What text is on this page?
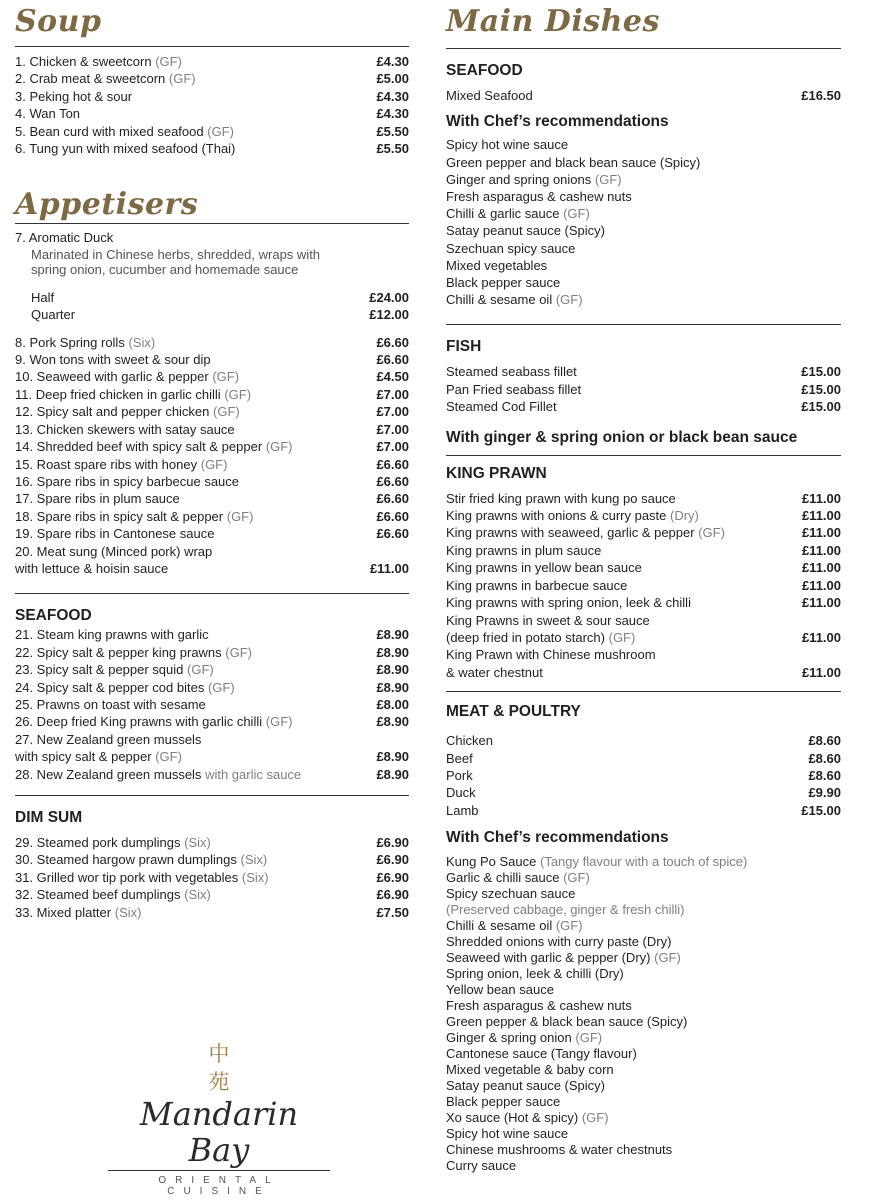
Soup
1. Chicken & sweetcorn (GF)	£4.30
2. Crab meat & sweetcorn (GF)	£5.00
3. Peking hot & sour	£4.30
4. Wan Ton	£4.30
5. Bean curd with mixed seafood (GF)	£5.50
6. Tung yun with mixed seafood (Thai)	£5.50
Appetisers
7. Aromatic Duck
Marinated in Chinese herbs, shredded, wraps with spring onion, cucumber and homemade sauce
Half	£24.00
Quarter	£12.00
8. Pork Spring rolls (Six)	£6.60
9. Won tons with sweet & sour dip	£6.60
10. Seaweed with garlic & pepper (GF)	£4.50
11. Deep fried chicken in garlic chilli (GF)	£7.00
12. Spicy salt and pepper chicken (GF)	£7.00
13. Chicken skewers with satay sauce	£7.00
14. Shredded beef with spicy salt & pepper (GF)	£7.00
15. Roast spare ribs with honey (GF)	£6.60
16. Spare ribs in spicy barbecue sauce	£6.60
17. Spare ribs in plum sauce	£6.60
18. Spare ribs in spicy salt & pepper (GF)	£6.60
19. Spare ribs in Cantonese sauce	£6.60
20. Meat sung (Minced pork) wrap
with lettuce & hoisin sauce	£11.00
SEAFOOD
21. Steam king prawns with garlic	£8.90
22. Spicy salt & pepper king prawns (GF)	£8.90
23. Spicy salt & pepper squid (GF)	£8.90
24. Spicy salt & pepper cod bites (GF)	£8.90
25. Prawns on toast with sesame	£8.00
26. Deep fried King prawns with garlic chilli (GF)	£8.90
27. New Zealand green mussels
with spicy salt & pepper (GF)	£8.90
28. New Zealand green mussels with garlic sauce	£8.90
DIM SUM
29. Steamed pork dumplings (Six)	£6.90
30. Steamed hargow prawn dumplings (Six)	£6.90
31. Grilled wor tip pork with vegetables (Six)	£6.90
32. Steamed beef dumplings (Six)	£6.90
33. Mixed platter (Six)	£7.50
中
苑
Mandarin Bay
ORIENTAL CUISINE
Main Dishes
SEAFOOD
Mixed Seafood	£16.50
With Chef’s recommendations
Spicy hot wine sauce
Green pepper and black bean sauce (Spicy)
Ginger and spring onions (GF)
Fresh asparagus & cashew nuts
Chilli & garlic sauce (GF)
Satay peanut sauce (Spicy)
Szechuan spicy sauce
Mixed vegetables
Black pepper sauce
Chilli & sesame oil (GF)
FISH
Steamed seabass fillet	£15.00
Pan Fried seabass fillet	£15.00
Steamed Cod Fillet	£15.00
With ginger & spring onion or black bean sauce
KING PRAWN
Stir fried king prawn with kung po sauce	£11.00
King prawns with onions & curry paste (Dry)	£11.00
King prawns with seaweed, garlic & pepper (GF)	£11.00
King prawns in plum sauce	£11.00
King prawns in yellow bean sauce	£11.00
King prawns in barbecue sauce	£11.00
King prawns with spring onion, leek & chilli	£11.00
King Prawns in sweet & sour sauce
(deep fried in potato starch) (GF)	£11.00
King Prawn with Chinese mushroom
& water chestnut	£11.00
MEAT & POULTRY
Chicken	£8.60
Beef	£8.60
Pork	£8.60
Duck	£9.90
Lamb	£15.00
With Chef’s recommendations
Kung Po Sauce (Tangy flavour with a touch of spice)
Garlic & chilli sauce (GF)
Spicy szechuan sauce
(Preserved cabbage, ginger & fresh chilli)
Chilli & sesame oil (GF)
Shredded onions with curry paste (Dry)
Seaweed with garlic & pepper (Dry) (GF)
Spring onion, leek & chilli (Dry)
Yellow bean sauce
Fresh asparagus & cashew nuts
Green pepper & black bean sauce (Spicy)
Ginger & spring onion (GF)
Cantonese sauce (Tangy flavour)
Mixed vegetable & baby corn
Satay peanut sauce (Spicy)
Black pepper sauce
Xo sauce (Hot & spicy) (GF)
Spicy hot wine sauce
Chinese mushrooms & water chestnuts
Curry sauce
